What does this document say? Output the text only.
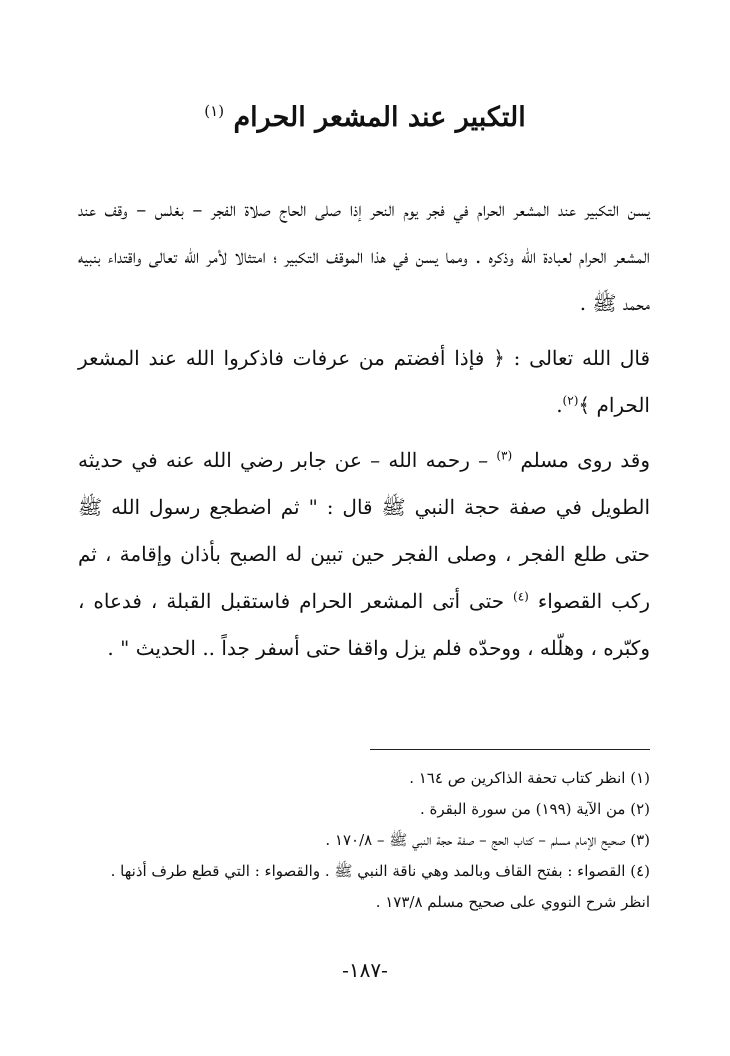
التكبير عند المشعر الحرام $^{(١)}$

يسن التكبير عند المشعر الحرام في فجر يوم النحر إذا صلى الحاج صلاة الفجر – بغلس – وقف عند المشعر الحرام لعبادة الله وذكره . ومما يسن في هذا الموقف التكبير ؛ امتثالا لأمر الله تعالى واقتداء بنبيه محمد ﷺ .

قال الله تعالى : ﴿ فإذا أفضتم من عرفات فاذكروا الله عند المشعر الحرام ﴾$^{(٢)}$.

وقد روى مسلم $^{(٣)}$ – رحمه الله – عن جابر رضي الله عنه في حديثه الطويل في صفة حجة النبي ﷺ قال : " ثم اضطجع رسول الله ﷺ حتى طلع الفجر ، وصلى الفجر حين تبين له الصبح بأذان وإقامة ، ثم ركب القصواء $^{(٤)}$ حتى أتى المشعر الحرام فاستقبل القبلة ، فدعاه ، وكبّره ، وهلّله ، ووحدّه فلم يزل واقفا حتى أسفر جداً .. الحديث " .

(١) انظر كتاب تحفة الذاكرين ص ١٦٤ .

(٢) من الآية (١٩٩) من سورة البقرة .

(٣) صحيح الإمام مسلم – كتاب الحج – صفة حجة النبي ﷺ – ١٧٠/٨ .

(٤) القصواء : بفتح القاف وبالمد وهي ناقة النبي ﷺ . والقصواء : التي قطع طرف أذنها . انظر شرح النووي على صحيح مسلم ١٧٣/٨ .

-١٨٧-
